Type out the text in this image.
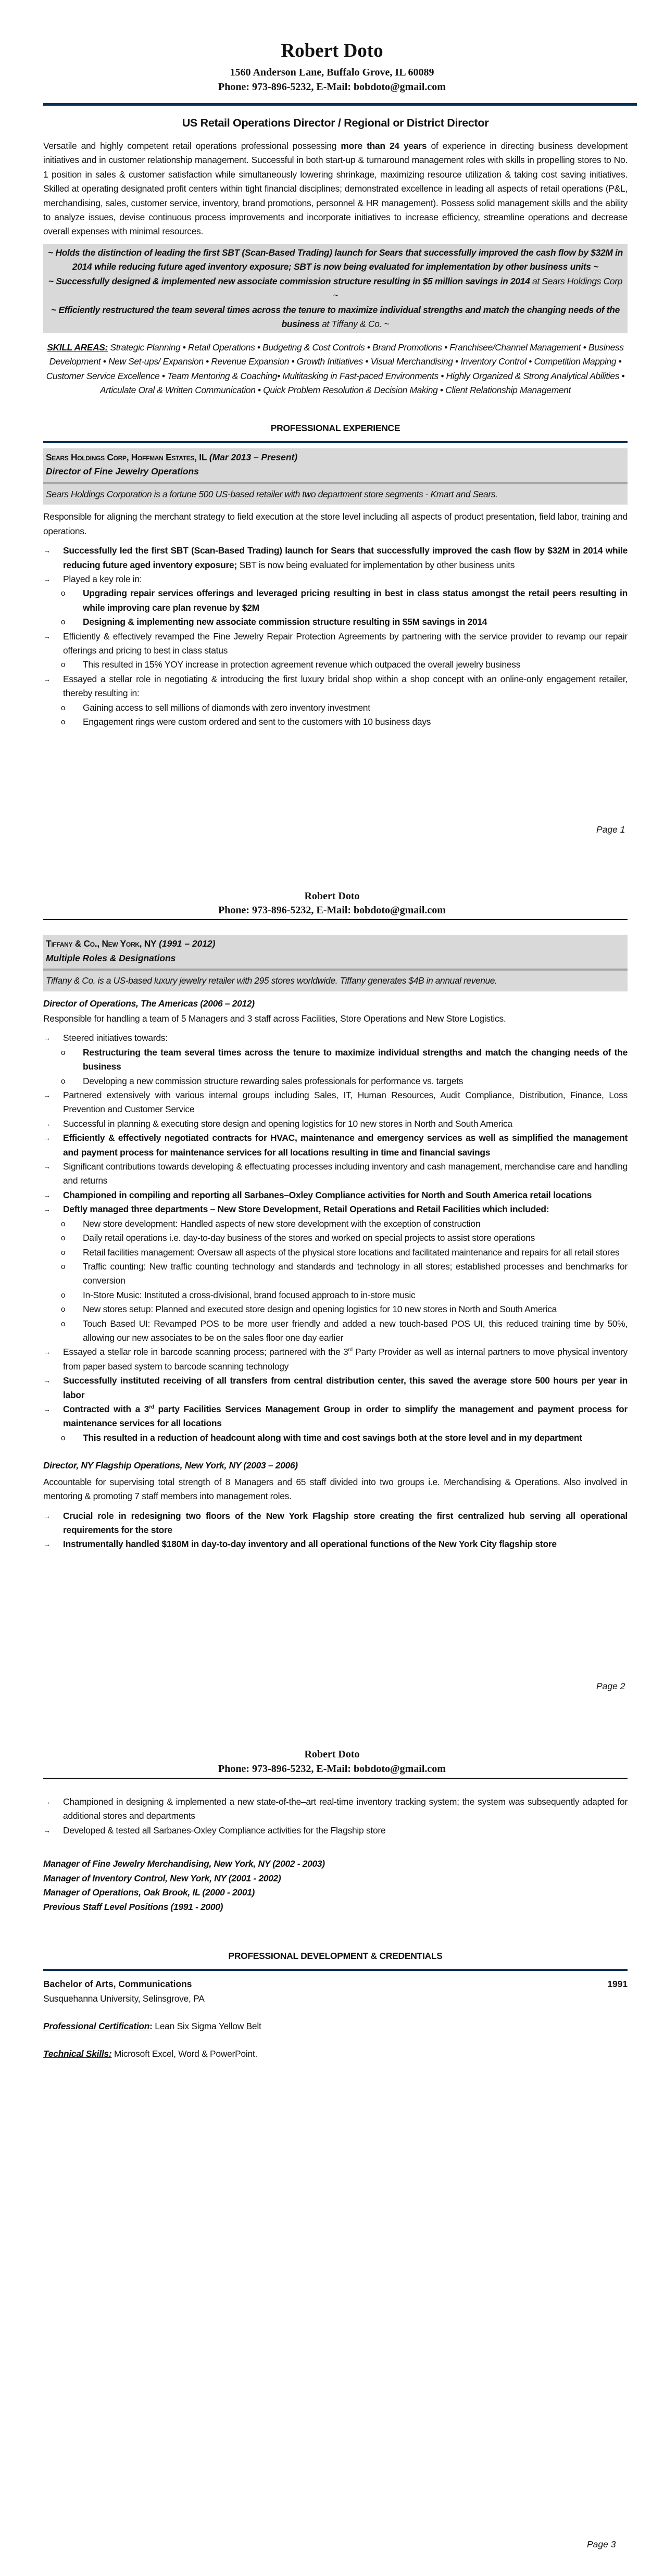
Robert Doto
1560 Anderson Lane, Buffalo Grove, IL 60089
Phone: 973-896-5232, E-Mail: bobdoto@gmail.com
US Retail Operations Director / Regional or District Director

Versatile and highly competent retail operations professional possessing more than 24 years of experience in directing business development initiatives and in customer relationship management. Successful in both start-up & turnaround management roles with skills in propelling stores to No. 1 position in sales & customer satisfaction while simultaneously lowering shrinkage, maximizing resource utilization & taking cost saving initiatives. Skilled at operating designated profit centers within tight financial disciplines; demonstrated excellence in leading all aspects of retail operations (P&L, merchandising, sales, customer service, inventory, brand promotions, personnel & HR management). Possess solid management skills and the ability to analyze issues, devise continuous process improvements and incorporate initiatives to increase efficiency, streamline operations and decrease overall expenses with minimal resources.

~ Holds the distinction of leading the first SBT (Scan-Based Trading) launch for Sears that successfully improved the cash flow by $32M in 2014 while reducing future aged inventory exposure; SBT is now being evaluated for implementation by other business units ~
~ Successfully designed & implemented new associate commission structure resulting in $5 million savings in 2014 at Sears Holdings Corp ~
~ Efficiently restructured the team several times across the tenure to maximize individual strengths and match the changing needs of the business at Tiffany & Co. ~

SKILL AREAS: Strategic Planning • Retail Operations • Budgeting & Cost Controls • Brand Promotions • Franchisee/Channel Management • Business Development • New Set-ups/ Expansion • Revenue Expansion • Growth Initiatives • Visual Merchandising • Inventory Control • Competition Mapping • Customer Service Excellence • Team Mentoring & Coaching• Multitasking in Fast-paced Environments • Highly Organized & Strong Analytical Abilities • Articulate Oral & Written Communication • Quick Problem Resolution & Decision Making • Client Relationship Management

PROFESSIONAL EXPERIENCE
Sears Holdings Corp, Hoffman Estates, IL (Mar 2013 – Present)
Director of Fine Jewelry Operations
Sears Holdings Corporation is a fortune 500 US-based retailer with two department store segments - Kmart and Sears.

Responsible for aligning the merchant strategy to field execution at the store level including all aspects of product presentation, field labor, training and operations.

→	Successfully led the first SBT (Scan-Based Trading) launch for Sears that successfully improved the cash flow by $32M in 2014 while reducing future aged inventory exposure; SBT is now being evaluated for implementation by other business units
→	Played a key role in:
o Upgrading repair services offerings and leveraged pricing resulting in best in class status amongst the retail peers resulting in while improving care plan revenue by $2M
o Designing & implementing new associate commission structure resulting in $5M savings in 2014
→	Efficiently & effectively revamped the Fine Jewelry Repair Protection Agreements by partnering with the service provider to revamp our repair offerings and pricing to best in class status
o This resulted in 15% YOY increase in protection agreement revenue which outpaced the overall jewelry business
→	Essayed a stellar role in negotiating & introducing the first luxury bridal shop within a shop concept with an online-only engagement retailer, thereby resulting in:
o Gaining access to sell millions of diamonds with zero inventory investment
o Engagement rings were custom ordered and sent to the customers with 10 business days
Page 1
Robert Doto
Phone: 973-896-5232, E-Mail: bobdoto@gmail.com
Tiffany & Co., New York, NY (1991 – 2012)
Multiple Roles & Designations
Tiffany & Co. is a US-based luxury jewelry retailer with 295 stores worldwide. Tiffany generates $4B in annual revenue.
Director of Operations, The Americas (2006 – 2012)

Responsible for handling a team of 5 Managers and 3 staff across Facilities, Store Operations and New Store Logistics.

→	Steered initiatives towards:
o Restructuring the team several times across the tenure to maximize individual strengths and match the changing needs of the business
o Developing a new commission structure rewarding sales professionals for performance vs. targets
→	Partnered extensively with various internal groups including Sales, IT, Human Resources, Audit Compliance, Distribution, Finance, Loss Prevention and Customer Service
→	Successful in planning & executing store design and opening logistics for 10 new stores in North and South America
→	Efficiently & effectively negotiated contracts for HVAC, maintenance and emergency services as well as simplified the management and payment process for maintenance services for all locations resulting in time and financial savings
→	Significant contributions towards developing & effectuating processes including inventory and cash management, merchandise care and handling and returns
→	Championed in compiling and reporting all Sarbanes–Oxley Compliance activities for North and South America retail locations
→	Deftly managed three departments – New Store Development, Retail Operations and Retail Facilities which included:
o New store development: Handled aspects of new store development with the exception of construction
o Daily retail operations i.e. day-to-day business of the stores and worked on special projects to assist store operations
o Retail facilities management: Oversaw all aspects of the physical store locations and facilitated maintenance and repairs for all retail stores
o Traffic counting: New traffic counting technology and standards and technology in all stores; established processes and benchmarks for conversion
o In-Store Music: Instituted a cross-divisional, brand focused approach to in-store music
o New stores setup: Planned and executed store design and opening logistics for 10 new stores in North and South America
o Touch Based UI: Revamped POS to be more user friendly and added a new touch-based POS UI, this reduced training time by 50%, allowing our new associates to be on the sales floor one day earlier
→	Essayed a stellar role in barcode scanning process; partnered with the 3rd Party Provider as well as internal partners to move physical inventory from paper based system to barcode scanning technology
→	Successfully instituted receiving of all transfers from central distribution center, this saved the average store 500 hours per year in labor
→	Contracted with a 3rd party Facilities Services Management Group in order to simplify the management and payment process for maintenance services for all locations
o This resulted in a reduction of headcount along with time and cost savings both at the store level and in my department
Director, NY Flagship Operations, New York, NY (2003 – 2006)

Accountable for supervising total strength of 8 Managers and 65 staff divided into two groups i.e. Merchandising & Operations. Also involved in mentoring & promoting 7 staff members into management roles.

→	Crucial role in redesigning two floors of the New York Flagship store creating the first centralized hub serving all operational requirements for the store
→	Instrumentally handled $180M in day-to-day inventory and all operational functions of the New York City flagship store
Page 2
Robert Doto
Phone: 973-896-5232, E-Mail: bobdoto@gmail.com
→	Championed in designing & implemented a new state-of-the–art real-time inventory tracking system; the system was subsequently adapted for additional stores and departments
→	Developed & tested all Sarbanes-Oxley Compliance activities for the Flagship store
Manager of Fine Jewelry Merchandising, New York, NY (2002 - 2003)
Manager of Inventory Control, New York, NY (2001 - 2002)
Manager of Operations, Oak Brook, IL (2000 - 2001)
Previous Staff Level Positions (1991 - 2000)
PROFESSIONAL DEVELOPMENT & CREDENTIALS
Bachelor of Arts, Communications	1991

Susquehanna University, Selinsgrove, PA

Professional Certification: Lean Six Sigma Yellow Belt

Technical Skills: Microsoft Excel, Word & PowerPoint.

Page 3
